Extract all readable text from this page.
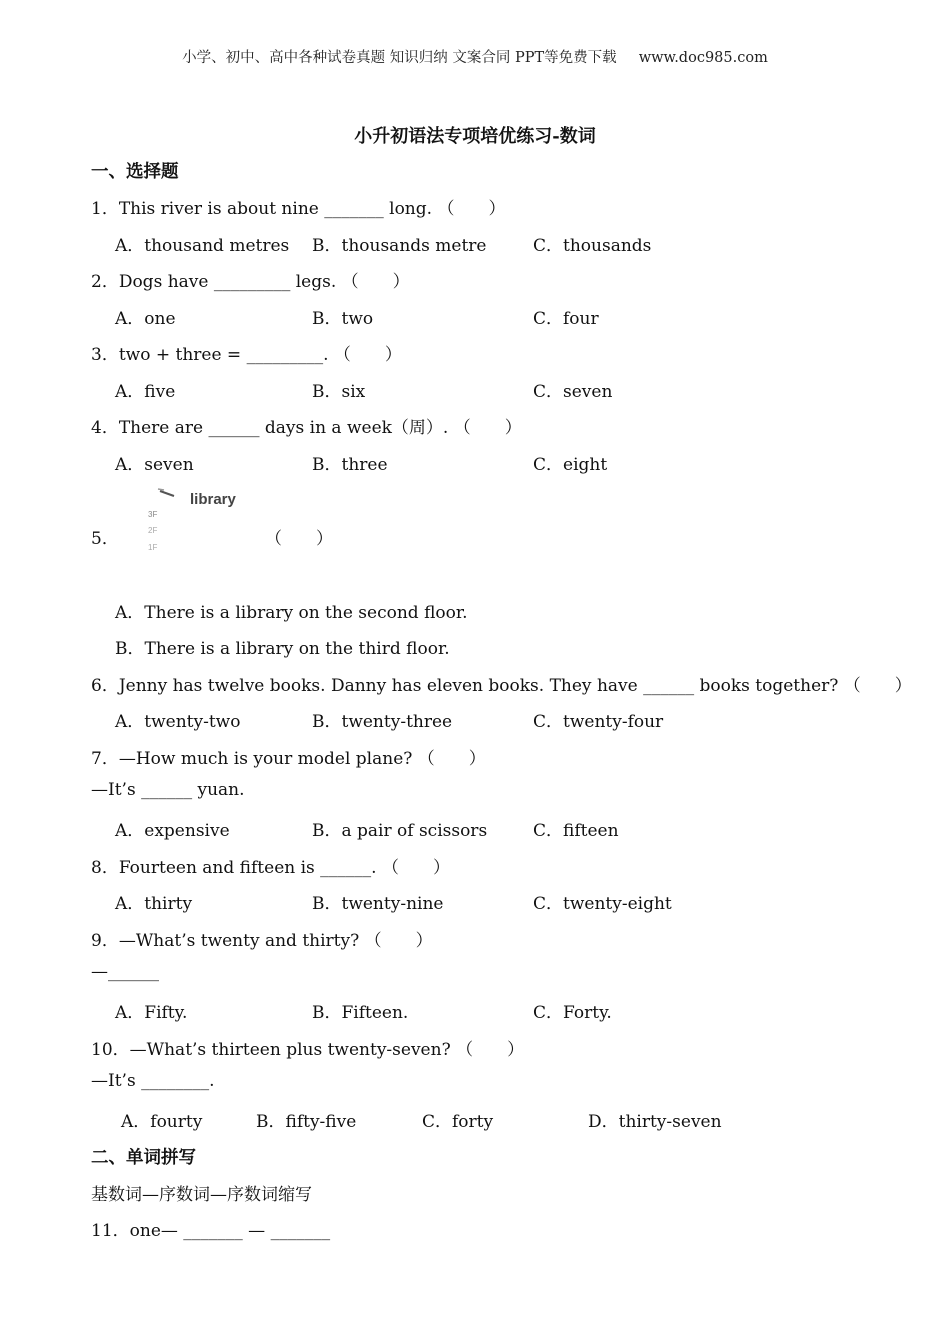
小学、初中、高中各种试卷真题 知识归纳 文案合同 PPT等免费下载 www.doc985.com
小升初语法专项培优练习-数词
一、选择题
1．This river is about nine _______ long. （　　）
A．thousand metres B．thousands metre	C．thousands
2．Dogs have _________ legs. （　　）
A．one	B．two	C．four
3．two + three = _________. （　　）
A．five	B．six	C．seven
4．There are ______ days in a week（周）. （　　）
A．seven	B．three	C．eight
5．
library
3F
2F
1F	（　　）
A．There is a library on the second floor.
B．There is a library on the third floor.
6．Jenny has twelve books. Danny has eleven books. They have ______ books together? （　　）
A．twenty-two	B．twenty-three	C．twenty-four
7．—How much is your model plane? （　　）
—It’s ______ yuan.
A．expensive	B．a pair of scissors	C．fifteen
8．Fourteen and fifteen is ______. （　　）
A．thirty	B．twenty-nine	C．twenty-eight
9．—What’s twenty and thirty? （　　）
—______
A．Fifty.	B．Fifteen.	C．Forty.
10．—What’s thirteen plus twenty-seven? （　　）
—It’s ________.
A．fourty	B．fifty-five	C．forty	D．thirty-seven
二、单词拼写
基数词—序数词—序数词缩写
11．one— _______ — _______
